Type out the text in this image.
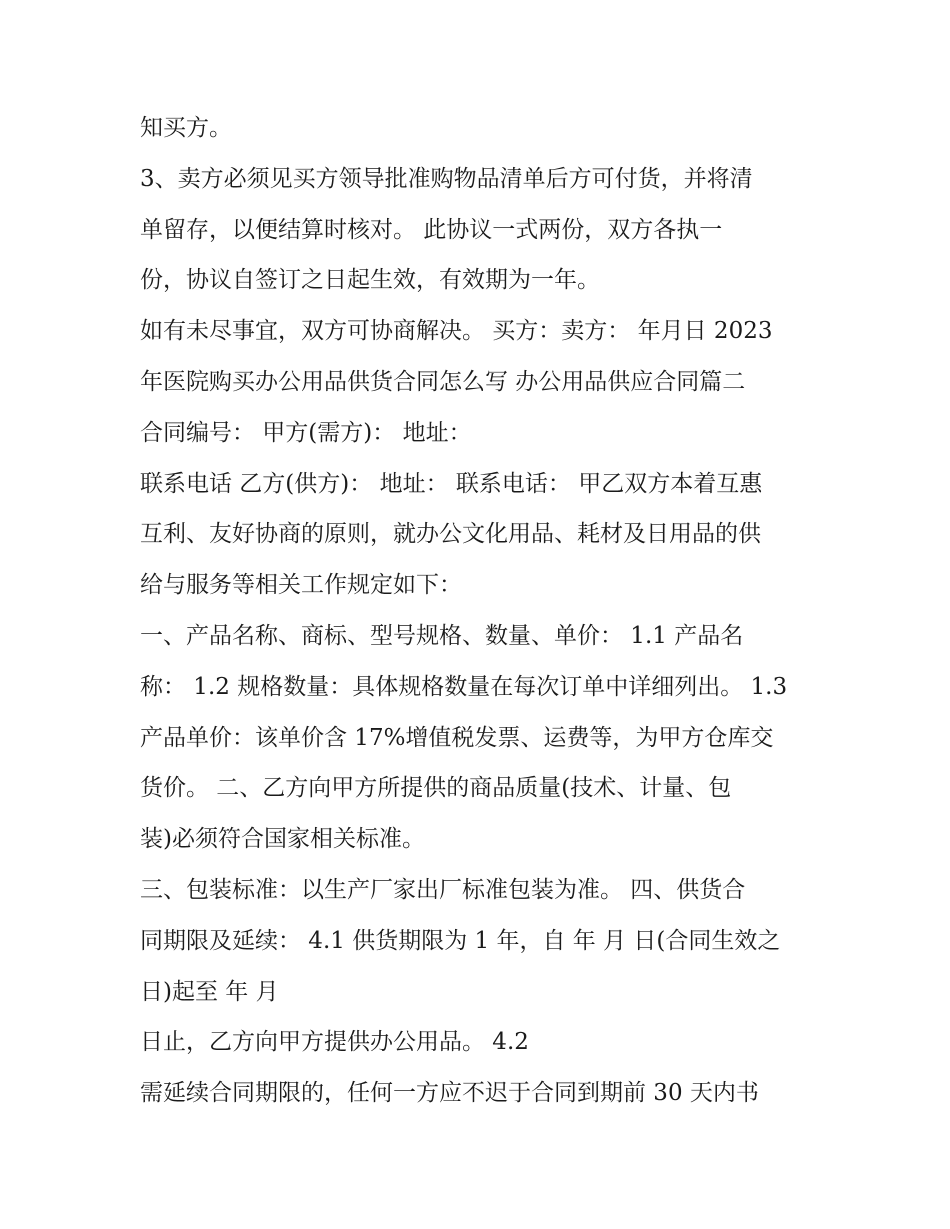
知买方。
3、卖方必须见买方领导批准购物品清单后方可付货，并将清
单留存，以便结算时核对。 此协议一式两份，双方各执一
份，协议自签订之日起生效，有效期为一年。
如有未尽事宜，双方可协商解决。 买方：卖方： 年月日 2023
年医院购买办公用品供货合同怎么写 办公用品供应合同篇二
合同编号： 甲方(需方)： 地址：
联系电话 乙方(供方)： 地址： 联系电话： 甲乙双方本着互惠
互利、友好协商的原则，就办公文化用品、耗材及日用品的供
给与服务等相关工作规定如下：
一、产品名称、商标、型号规格、数量、单价： 1.1 产品名
称： 1.2 规格数量：具体规格数量在每次订单中详细列出。 1.3
产品单价：该单价含 17%增值税发票、运费等，为甲方仓库交
货价。 二、乙方向甲方所提供的商品质量(技术、计量、包
装)必须符合国家相关标准。
三、包装标准：以生产厂家出厂标准包装为准。 四、供货合
同期限及延续： 4.1 供货期限为 1 年，自 年 月 日(合同生效之
日)起至 年 月
日止，乙方向甲方提供办公用品。 4.2
需延续合同期限的，任何一方应不迟于合同到期前 30 天内书
